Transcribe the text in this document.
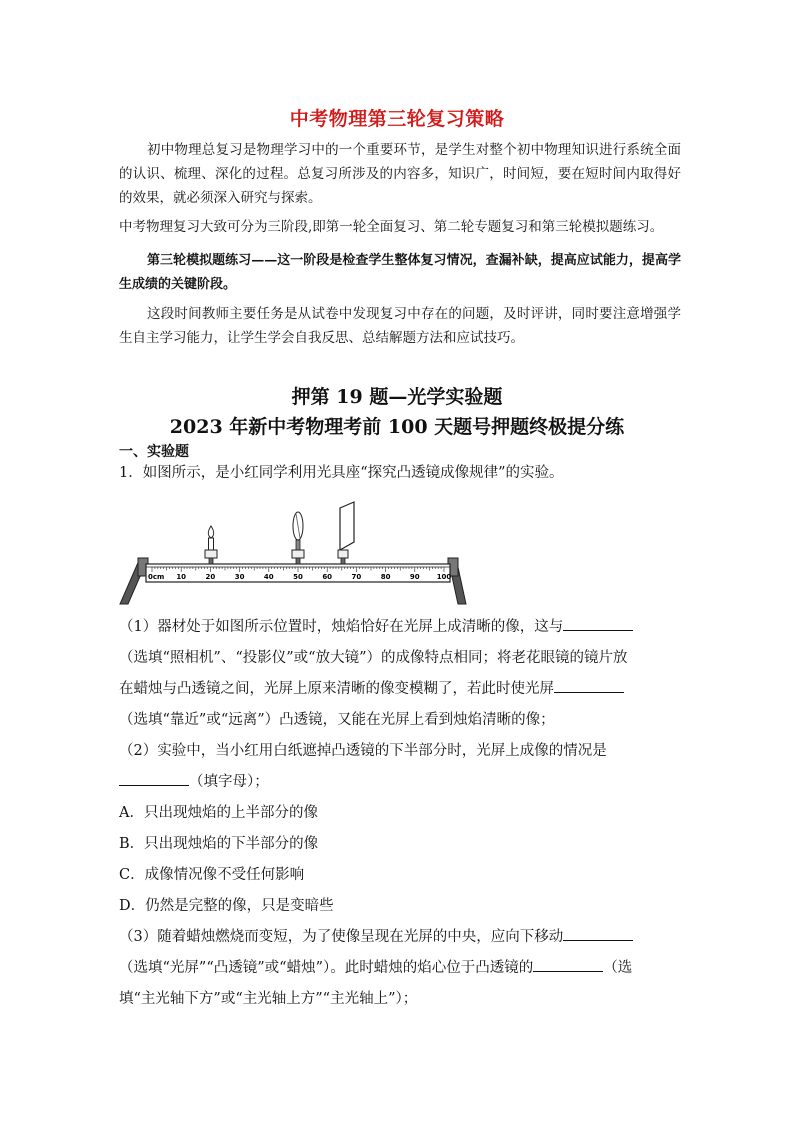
中考物理第三轮复习策略
初中物理总复习是物理学习中的一个重要环节，是学生对整个初中物理知识进行系统全面的认识、梳理、深化的过程。总复习所涉及的内容多，知识广，时间短，要在短时间内取得好的效果，就必须深入研究与探索。
中考物理复习大致可分为三阶段,即第一轮全面复习、第二轮专题复习和第三轮模拟题练习。
第三轮模拟题练习——这一阶段是检查学生整体复习情况，查漏补缺，提高应试能力，提高学生成绩的关键阶段。
这段时间教师主要任务是从试卷中发现复习中存在的问题，及时评讲，同时要注意增强学生自主学习能力，让学生学会自我反思、总结解题方法和应试技巧。
押第 19 题—光学实验题
2023 年新中考物理考前 100 天题号押题终极提分练
一、实验题
1．如图所示，是小红同学利用光具座“探究凸透镜成像规律”的实验。
0cm 10	20	30	40	50	60	70	80	90 100
（1）器材处于如图所示位置时，烛焰恰好在光屏上成清晰的像，这与
（选填“照相机”、“投影仪”或“放大镜”）的成像特点相同；将老花眼镜的镜片放
在蜡烛与凸透镜之间，光屏上原来清晰的像变模糊了，若此时使光屏
（选填“靠近”或“远离”）凸透镜，又能在光屏上看到烛焰清晰的像；
（2）实验中，当小红用白纸遮掉凸透镜的下半部分时，光屏上成像的情况是
（填字母）；
A．只出现烛焰的上半部分的像
B．只出现烛焰的下半部分的像
C．成像情况像不受任何影响
D．仍然是完整的像，只是变暗些
（3）随着蜡烛燃烧而变短，为了使像呈现在光屏的中央，应向下移动
（选填“光屏”“凸透镜”或“蜡烛”）。此时蜡烛的焰心位于凸透镜的	（选
填“主光轴下方”或“主光轴上方”“主光轴上”）；
